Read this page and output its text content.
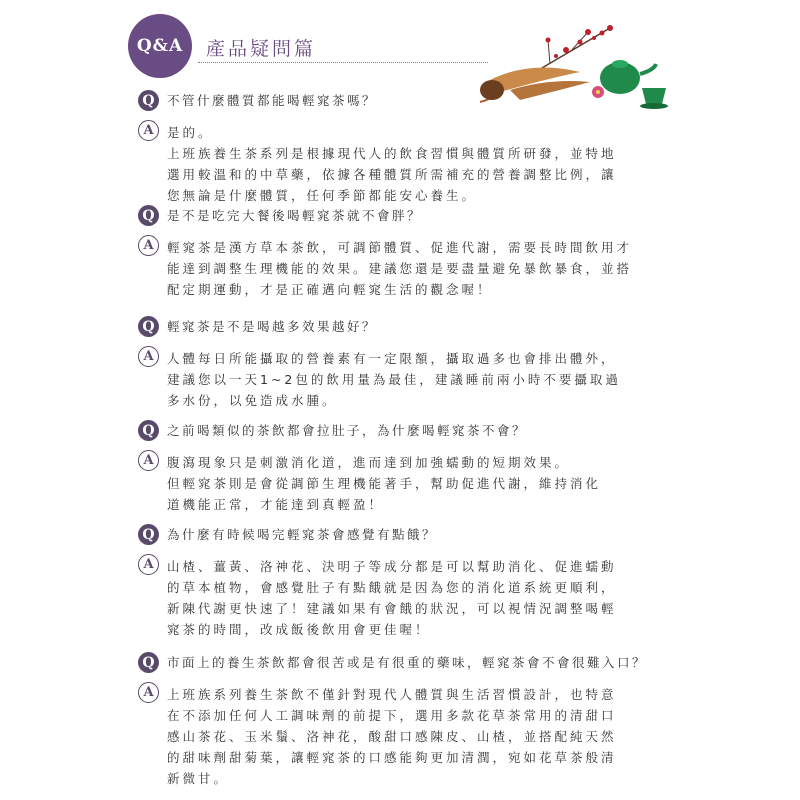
Q&A	產品疑問篇
Q 不管什麼體質都能喝輕窕茶嗎？
A	是的。
上班族養生茶系列是根據現代人的飲食習慣與體質所研發，並特地
選用較溫和的中草藥，依據各種體質所需補充的營養調整比例，讓
您無論是什麼體質，任何季節都能安心養生。
Q 是不是吃完大餐後喝輕窕茶就不會胖？
A	輕窕茶是漢方草本茶飲，可調節體質、促進代謝，需要長時間飲用才
能達到調整生理機能的效果。建議您還是要盡量避免暴飲暴食，並搭
配定期運動，才是正確邁向輕窕生活的觀念喔！
Q 輕窕茶是不是喝越多效果越好？
A	人體每日所能攝取的營養素有一定限額，攝取過多也會排出體外，
建議您以一天1~2包的飲用量為最佳，建議睡前兩小時不要攝取過
多水份，以免造成水腫。
Q 之前喝類似的茶飲都會拉肚子，為什麼喝輕窕茶不會？
A	腹瀉現象只是刺激消化道，進而達到加強蠕動的短期效果。
但輕窕茶則是會從調節生理機能著手，幫助促進代謝，維持消化
道機能正常，才能達到真輕盈！
Q 為什麼有時候喝完輕窕茶會感覺有點餓？
A	山楂、薑黃、洛神花、決明子等成分都是可以幫助消化、促進蠕動
的草本植物，會感覺肚子有點餓就是因為您的消化道系統更順利，
新陳代謝更快速了！建議如果有會餓的狀況，可以視情況調整喝輕
窕茶的時間，改成飯後飲用會更佳喔！
Q 市面上的養生茶飲都會很苦或是有很重的藥味，輕窕茶會不會很難入口？
A	上班族系列養生茶飲不僅針對現代人體質與生活習慣設計，也特意
在不添加任何人工調味劑的前提下，選用多款花草茶常用的清甜口
感山茶花、玉米鬚、洛神花，酸甜口感陳皮、山楂，並搭配純天然
的甜味劑甜菊葉，讓輕窕茶的口感能夠更加清潤，宛如花草茶般清
新微甘。
